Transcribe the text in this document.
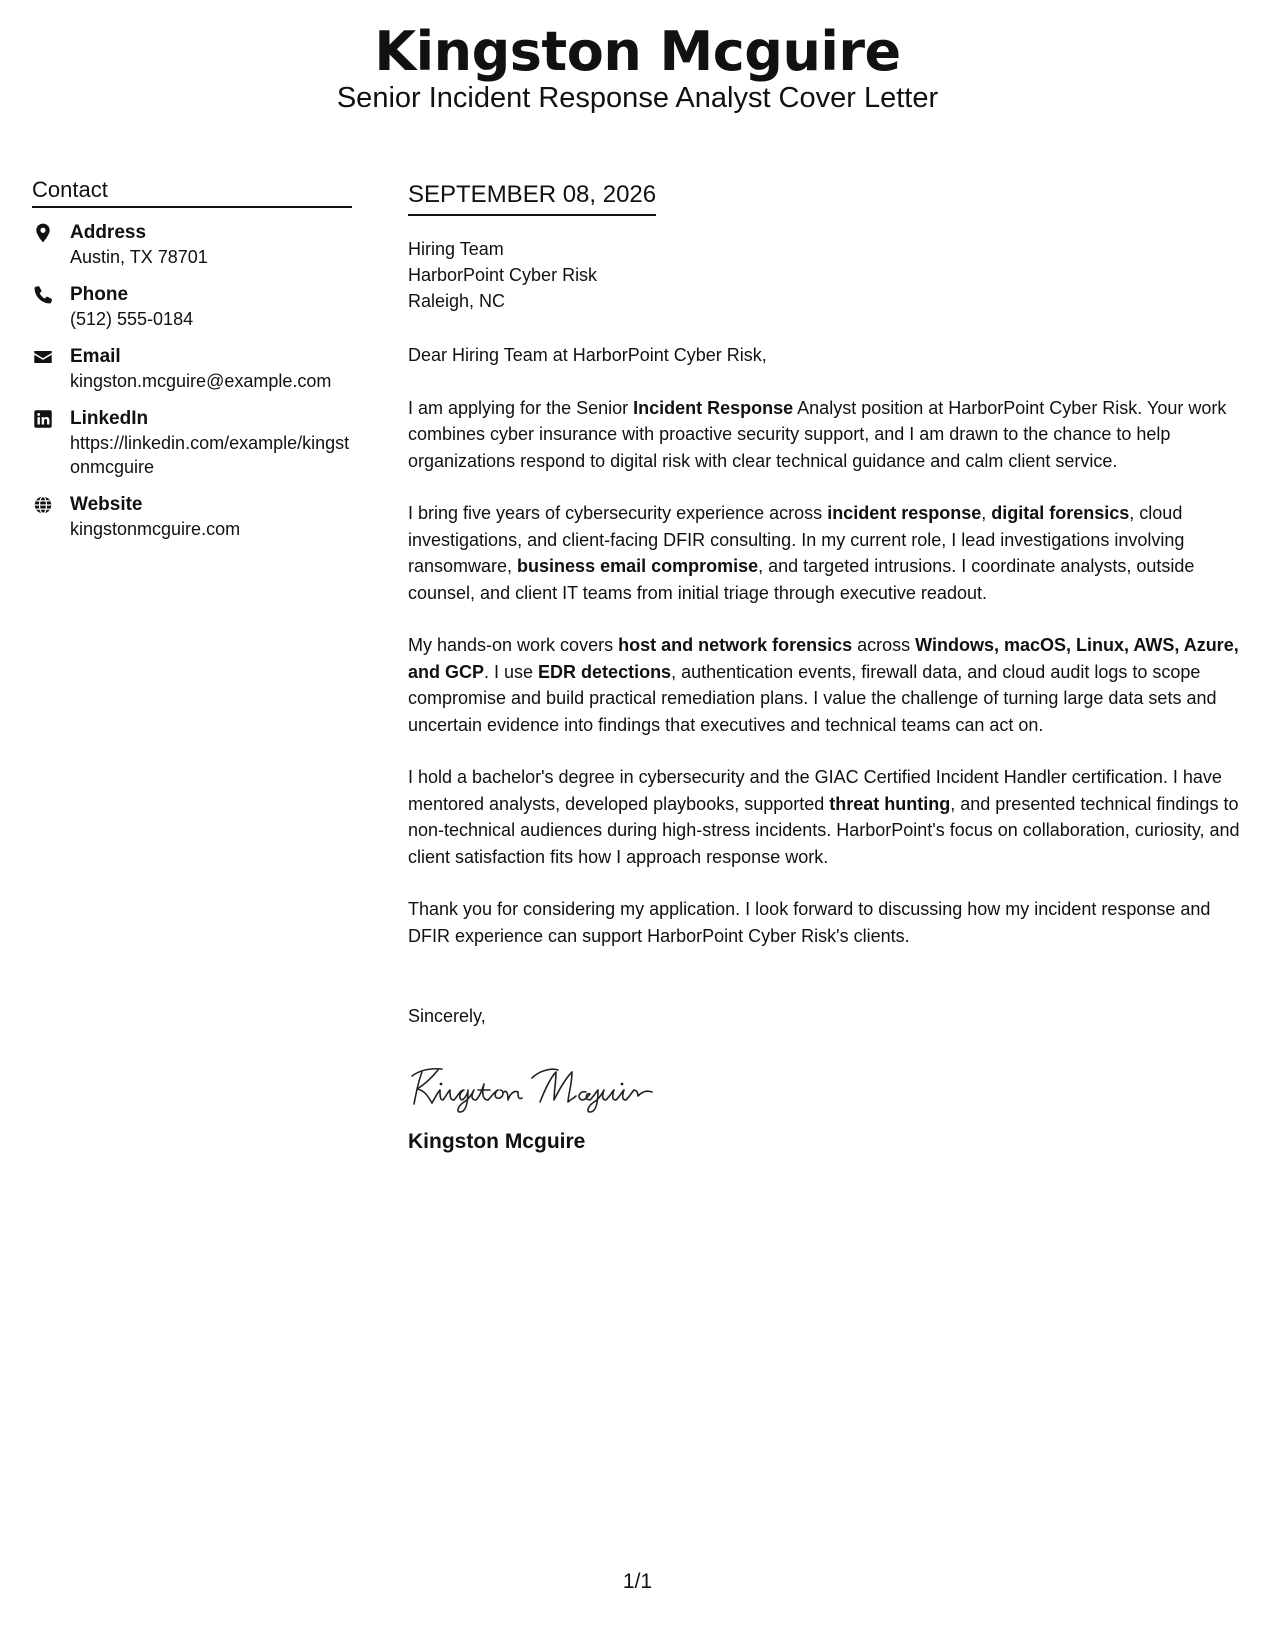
Kingston Mcguire
Senior Incident Response Analyst Cover Letter
Contact
Address
Austin, TX 78701
Phone
(512) 555-0184
Email
kingston.mcguire@example.com
LinkedIn
https://linkedin.com/example/kingstonmcguire
Website
kingstonmcguire.com
SEPTEMBER 08, 2026
Hiring Team
HarborPoint Cyber Risk
Raleigh, NC
Dear Hiring Team at HarborPoint Cyber Risk,
I am applying for the Senior Incident Response Analyst position at HarborPoint Cyber Risk. Your work combines cyber insurance with proactive security support, and I am drawn to the chance to help organizations respond to digital risk with clear technical guidance and calm client service.
I bring five years of cybersecurity experience across incident response, digital forensics, cloud investigations, and client-facing DFIR consulting. In my current role, I lead investigations involving ransomware, business email compromise, and targeted intrusions. I coordinate analysts, outside counsel, and client IT teams from initial triage through executive readout.
My hands-on work covers host and network forensics across Windows, macOS, Linux, AWS, Azure, and GCP. I use EDR detections, authentication events, firewall data, and cloud audit logs to scope compromise and build practical remediation plans. I value the challenge of turning large data sets and uncertain evidence into findings that executives and technical teams can act on.
I hold a bachelor's degree in cybersecurity and the GIAC Certified Incident Handler certification. I have mentored analysts, developed playbooks, supported threat hunting, and presented technical findings to non-technical audiences during high-stress incidents. HarborPoint's focus on collaboration, curiosity, and client satisfaction fits how I approach response work.
Thank you for considering my application. I look forward to discussing how my incident response and DFIR experience can support HarborPoint Cyber Risk's clients.
Sincerely,
Kingston Mcguire
1/1
